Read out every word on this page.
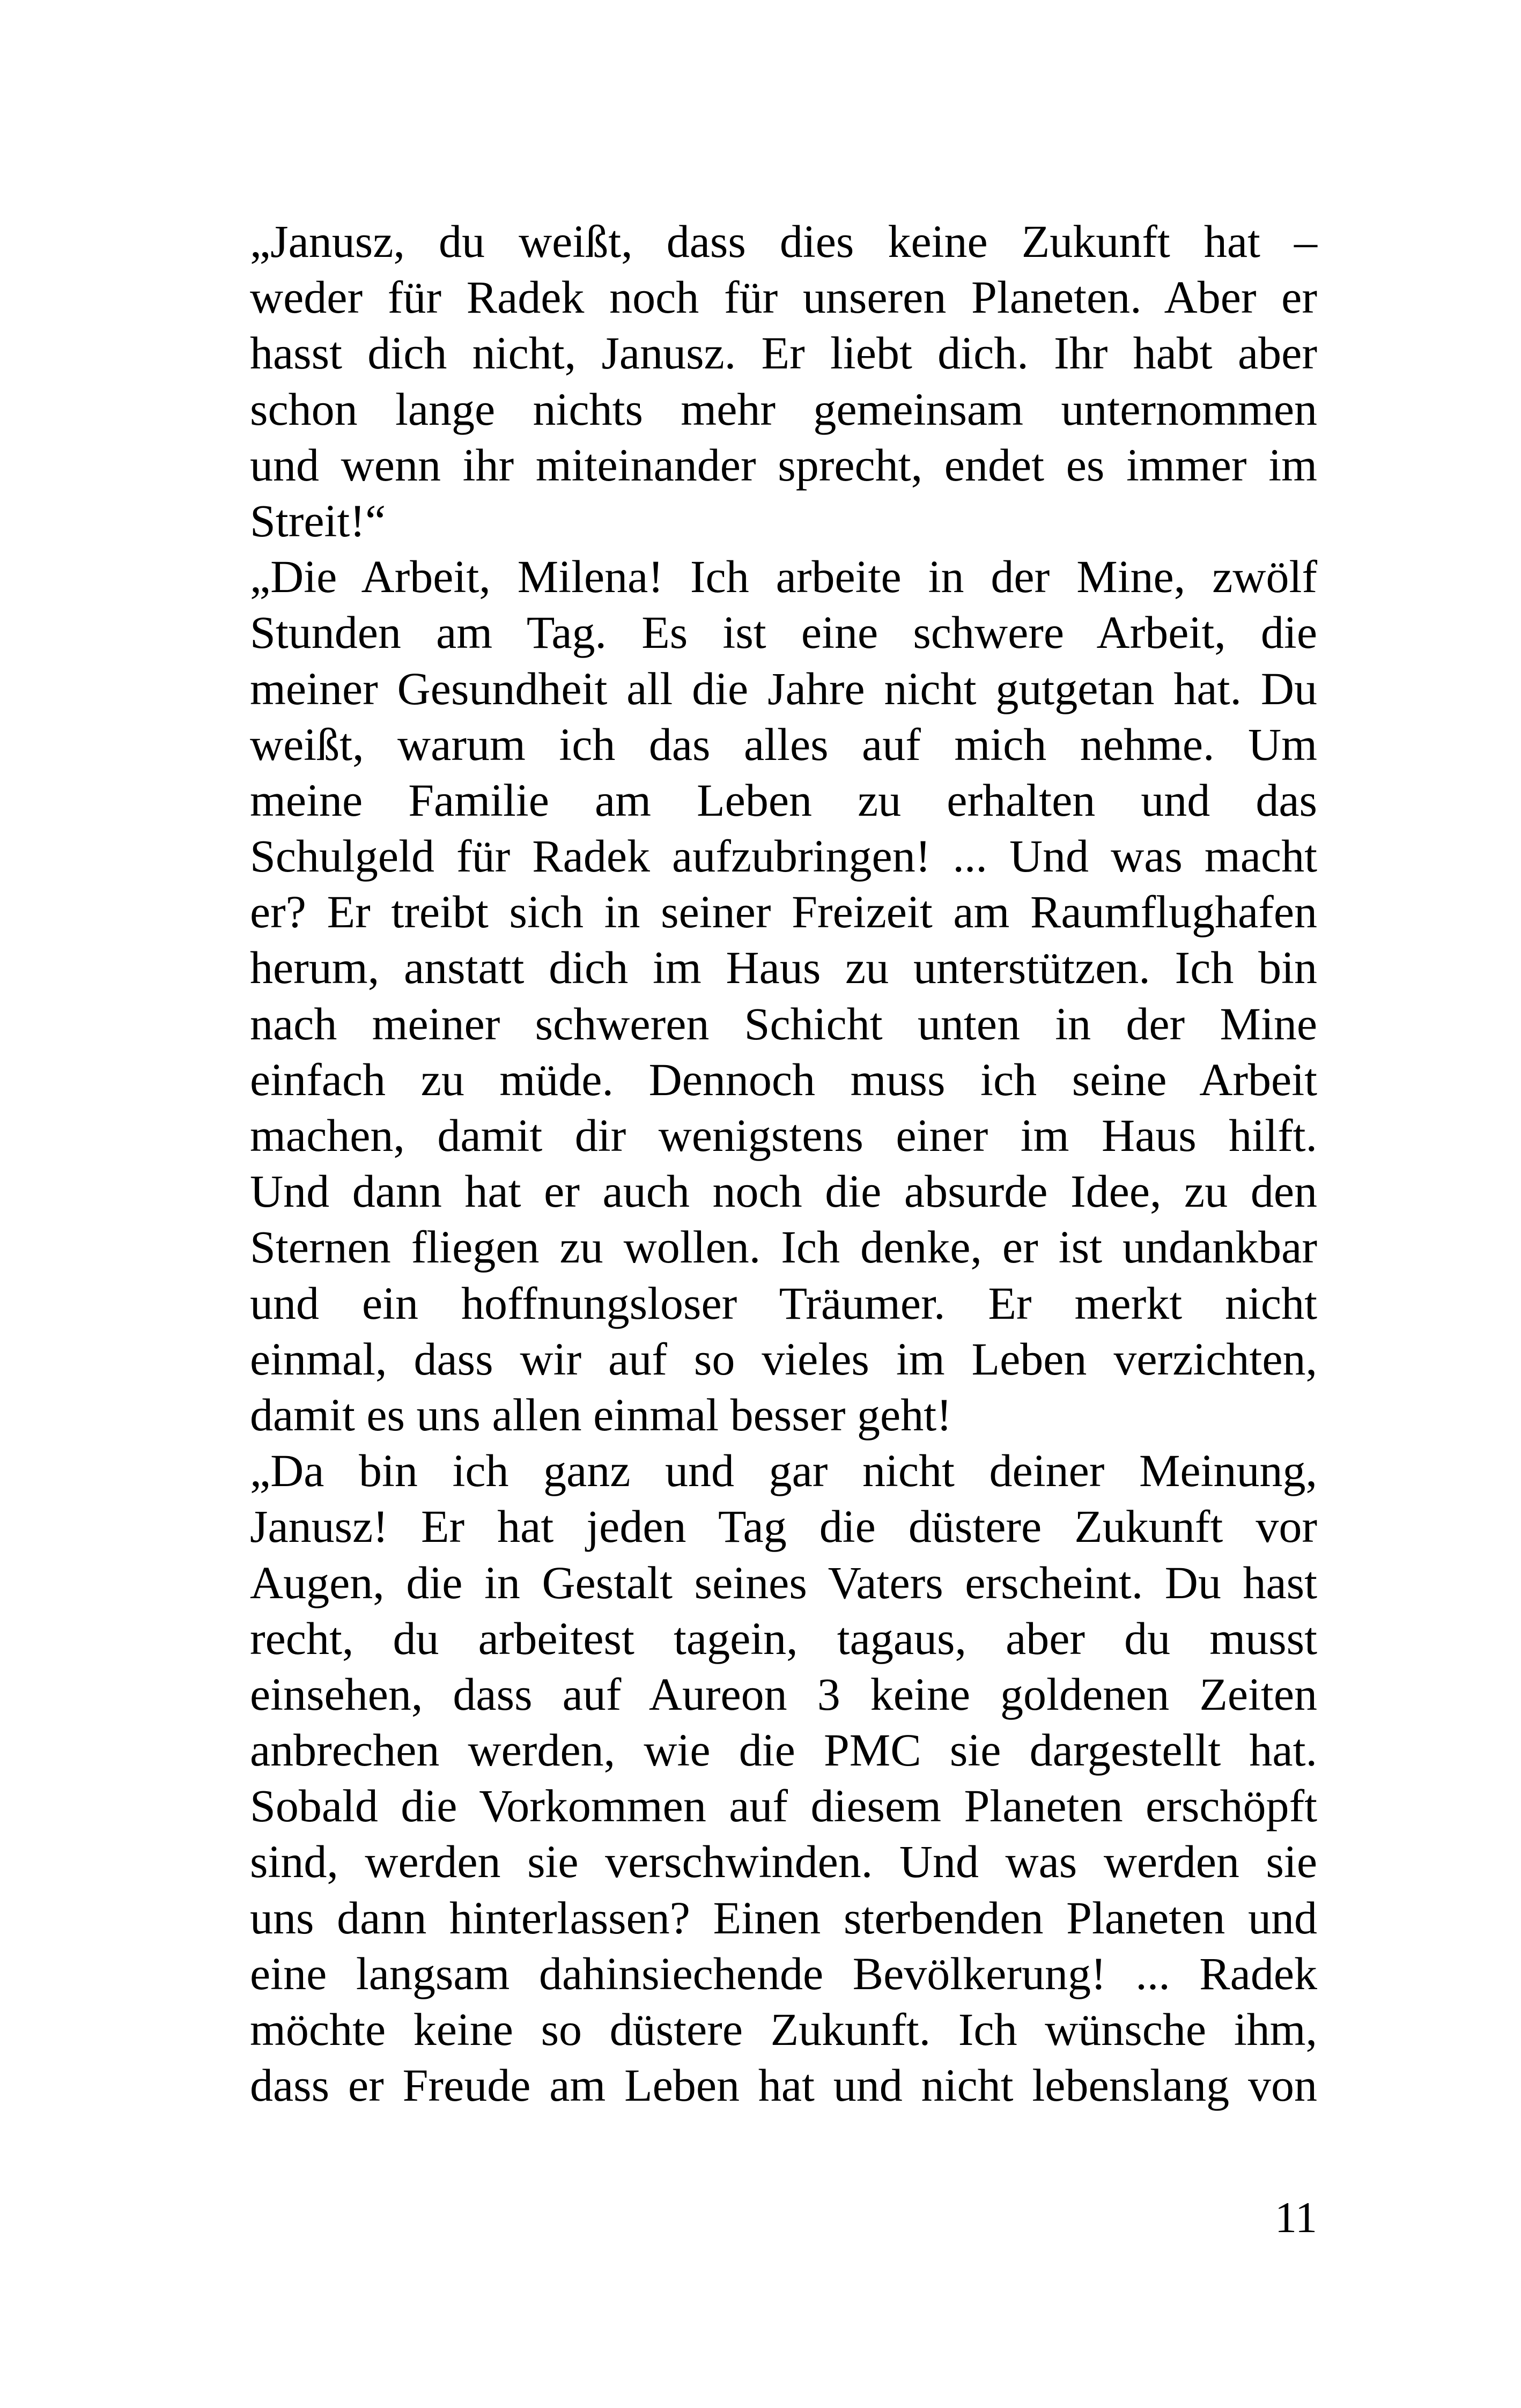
„Janusz, du weißt, dass dies keine Zukunft hat –
weder für Radek noch für unseren Planeten. Aber er
hasst dich nicht, Janusz. Er liebt dich. Ihr habt aber
schon lange nichts mehr gemeinsam unternommen
und wenn ihr miteinander sprecht, endet es immer im
Streit!“
„Die Arbeit, Milena! Ich arbeite in der Mine, zwölf
Stunden am Tag. Es ist eine schwere Arbeit, die
meiner Gesundheit all die Jahre nicht gutgetan hat. Du
weißt, warum ich das alles auf mich nehme. Um
meine Familie am Leben zu erhalten und das
Schulgeld für Radek aufzubringen! ... Und was macht
er? Er treibt sich in seiner Freizeit am Raumflughafen
herum, anstatt dich im Haus zu unterstützen. Ich bin
nach meiner schweren Schicht unten in der Mine
einfach zu müde. Dennoch muss ich seine Arbeit
machen, damit dir wenigstens einer im Haus hilft.
Und dann hat er auch noch die absurde Idee, zu den
Sternen fliegen zu wollen. Ich denke, er ist undankbar
und ein hoffnungsloser Träumer. Er merkt nicht
einmal, dass wir auf so vieles im Leben verzichten,
damit es uns allen einmal besser geht!
„Da bin ich ganz und gar nicht deiner Meinung,
Janusz! Er hat jeden Tag die düstere Zukunft vor
Augen, die in Gestalt seines Vaters erscheint. Du hast
recht, du arbeitest tagein, tagaus, aber du musst
einsehen, dass auf Aureon 3 keine goldenen Zeiten
anbrechen werden, wie die PMC sie dargestellt hat.
Sobald die Vorkommen auf diesem Planeten erschöpft
sind, werden sie verschwinden. Und was werden sie
uns dann hinterlassen? Einen sterbenden Planeten und
eine langsam dahinsiechende Bevölkerung! ... Radek
möchte keine so düstere Zukunft. Ich wünsche ihm,
dass er Freude am Leben hat und nicht lebenslang von
11
